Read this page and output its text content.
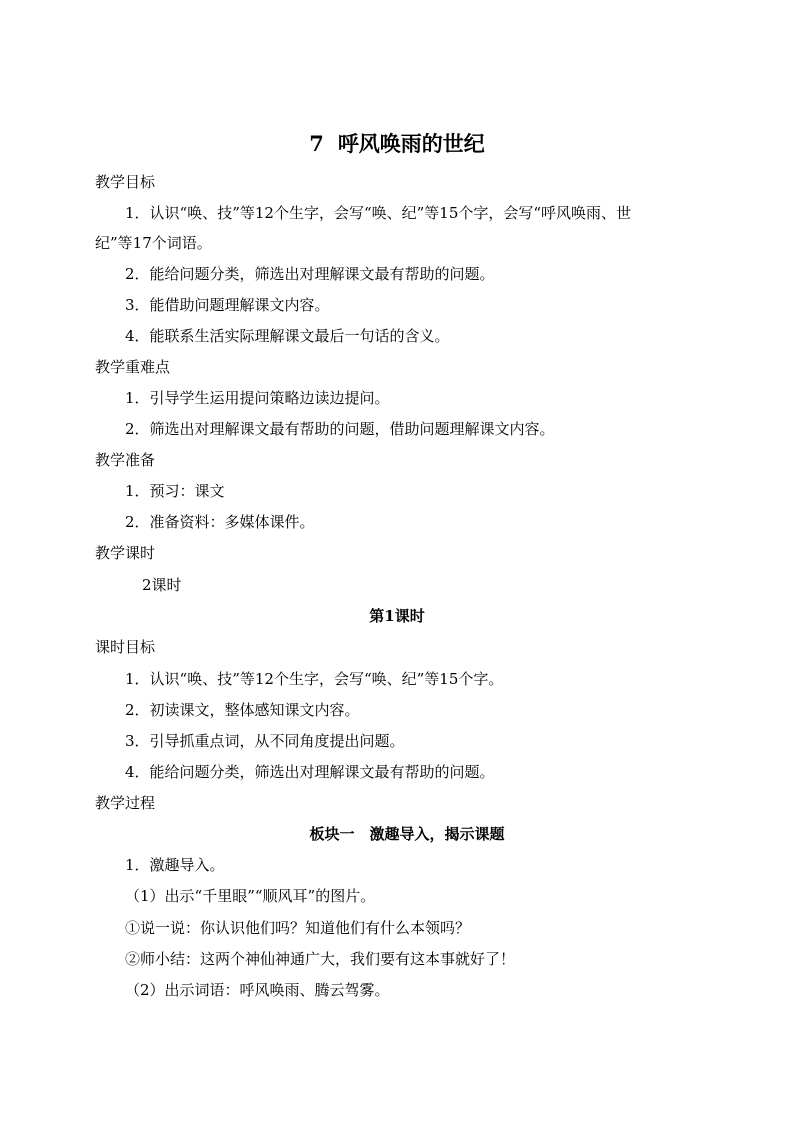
7 呼风唤雨的世纪
教学目标
1．认识“唤、技”等12个生字，会写“唤、纪”等15个字，会写“呼风唤雨、世
纪”等17个词语。
2．能给问题分类，筛选出对理解课文最有帮助的问题。
3．能借助问题理解课文内容。
4．能联系生活实际理解课文最后一句话的含义。
教学重难点
1．引导学生运用提问策略边读边提问。
2．筛选出对理解课文最有帮助的问题，借助问题理解课文内容。
教学准备
1．预习：课文
2．准备资料：多媒体课件。
教学课时
2课时
第1课时
课时目标
1．认识“唤、技”等12个生字，会写“唤、纪”等15个字。
2．初读课文，整体感知课文内容。
3．引导抓重点词，从不同角度提出问题。
4．能给问题分类，筛选出对理解课文最有帮助的问题。
教学过程
板块一　激趣导入，揭示课题
1．激趣导入。
（1）出示“千里眼”“顺风耳”的图片。
①说一说：你认识他们吗？知道他们有什么本领吗？
②师小结：这两个神仙神通广大，我们要有这本事就好了！
（2）出示词语：呼风唤雨、腾云驾雾。
